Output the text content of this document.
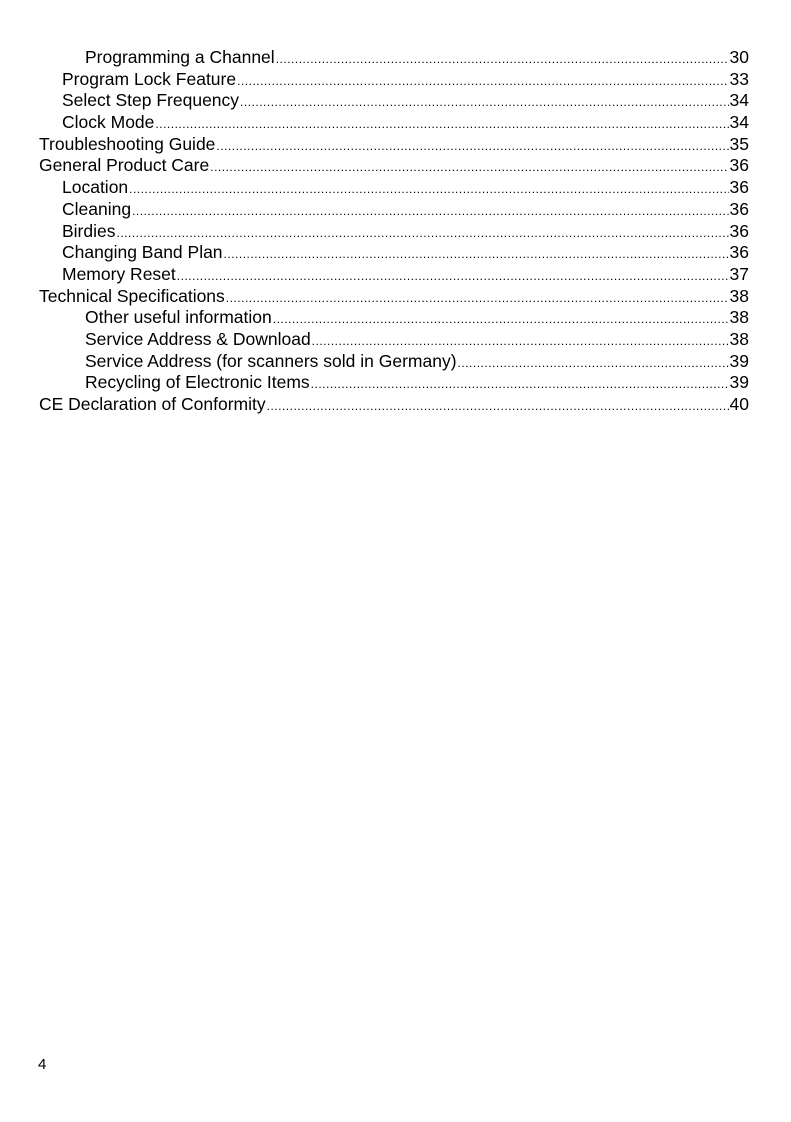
Programming a Channel .....	30
Program Lock Feature .....	33
Select Step Frequency .....	34
Clock Mode .....	34
Troubleshooting Guide .....	35
General Product Care .....	36
Location .....	36
Cleaning .....	36
Birdies .....	36
Changing Band Plan .....	36
Memory Reset .....	37
Technical Specifications .....	38
Other useful information .....	38
Service Address & Download .....	38
Service Address (for scanners sold in Germany) .....	39
Recycling of Electronic Items .....	39
CE Declaration of Conformity .....	40
4
